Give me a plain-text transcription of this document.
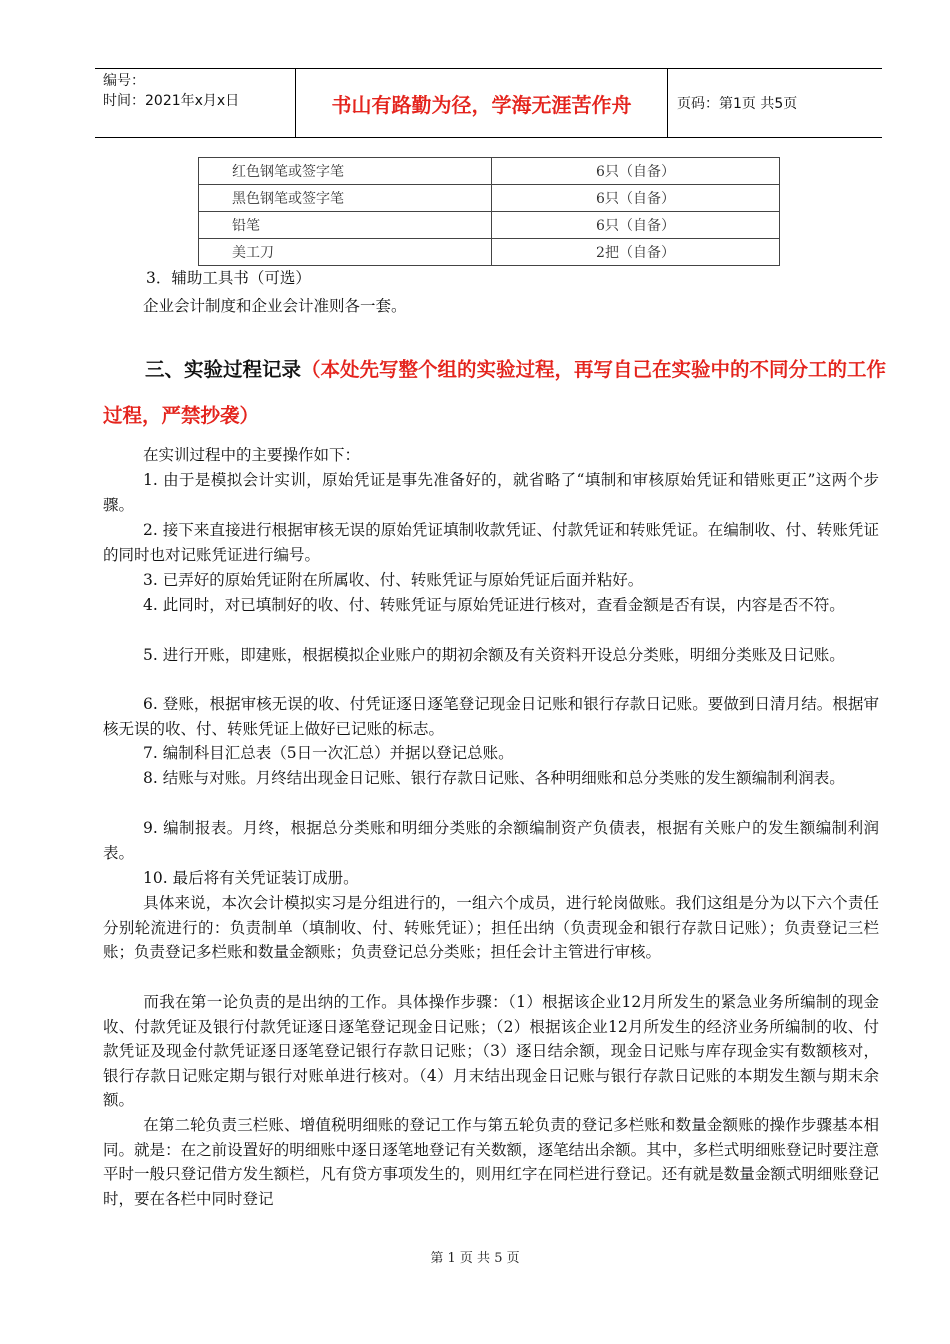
编号：
时间：2021年x月x日	书山有路勤为径，学海无涯苦作舟	页码：第1页 共5页
红色钢笔或签字笔	6只（自备）
黑色钢笔或签字笔	6只（自备）
铅笔	6只（自备）
美工刀	2把（自备）
3．辅助工具书（可选）
企业会计制度和企业会计准则各一套。
三、实验过程记录（本处先写整个组的实验过程，再写自己在实验中的不同分工的工作过程，严禁抄袭）
在实训过程中的主要操作如下：

1. 由于是模拟会计实训，原始凭证是事先准备好的，就省略了“填制和审核原始凭证和错账更正”这两个步骤。

2. 接下来直接进行根据审核无误的原始凭证填制收款凭证、付款凭证和转账凭证。在编制收、付、转账凭证的同时也对记账凭证进行编号。

3. 已弄好的原始凭证附在所属收、付、转账凭证与原始凭证后面并粘好。

4. 此同时，对已填制好的收、付、转账凭证与原始凭证进行核对，查看金额是否有误，内容是否不符。

5. 进行开账，即建账，根据模拟企业账户的期初余额及有关资料开设总分类账，明细分类账及日记账。

6. 登账，根据审核无误的收、付凭证逐日逐笔登记现金日记账和银行存款日记账。要做到日清月结。根据审核无误的收、付、转账凭证上做好已记账的标志。

7. 编制科目汇总表（5日一次汇总）并据以登记总账。

8. 结账与对账。月终结出现金日记账、银行存款日记账、各种明细账和总分类账的发生额编制利润表。

9. 编制报表。月终，根据总分类账和明细分类账的余额编制资产负债表，根据有关账户的发生额编制利润表。

10. 最后将有关凭证装订成册。

具体来说，本次会计模拟实习是分组进行的，一组六个成员，进行轮岗做账。我们这组是分为以下六个责任分别轮流进行的：负责制单（填制收、付、转账凭证）；担任出纳（负责现金和银行存款日记账）；负责登记三栏账；负责登记多栏账和数量金额账；负责登记总分类账；担任会计主管进行审核。

而我在第一论负责的是出纳的工作。具体操作步骤：（1）根据该企业12月所发生的紧急业务所编制的现金收、付款凭证及银行付款凭证逐日逐笔登记现金日记账；（2）根据该企业12月所发生的经济业务所编制的收、付款凭证及现金付款凭证逐日逐笔登记银行存款日记账；（3）逐日结余额，现金日记账与库存现金实有数额核对，银行存款日记账定期与银行对账单进行核对。（4）月末结出现金日记账与银行存款日记账的本期发生额与期末余额。

在第二轮负责三栏账、增值税明细账的登记工作与第五轮负责的登记多栏账和数量金额账的操作步骤基本相同。就是：在之前设置好的明细账中逐日逐笔地登记有关数额，逐笔结出余额。其中，多栏式明细账登记时要注意平时一般只登记借方发生额栏，凡有贷方事项发生的，则用红字在同栏进行登记。还有就是数量金额式明细账登记时，要在各栏中同时登记

第 1 页 共 5 页
